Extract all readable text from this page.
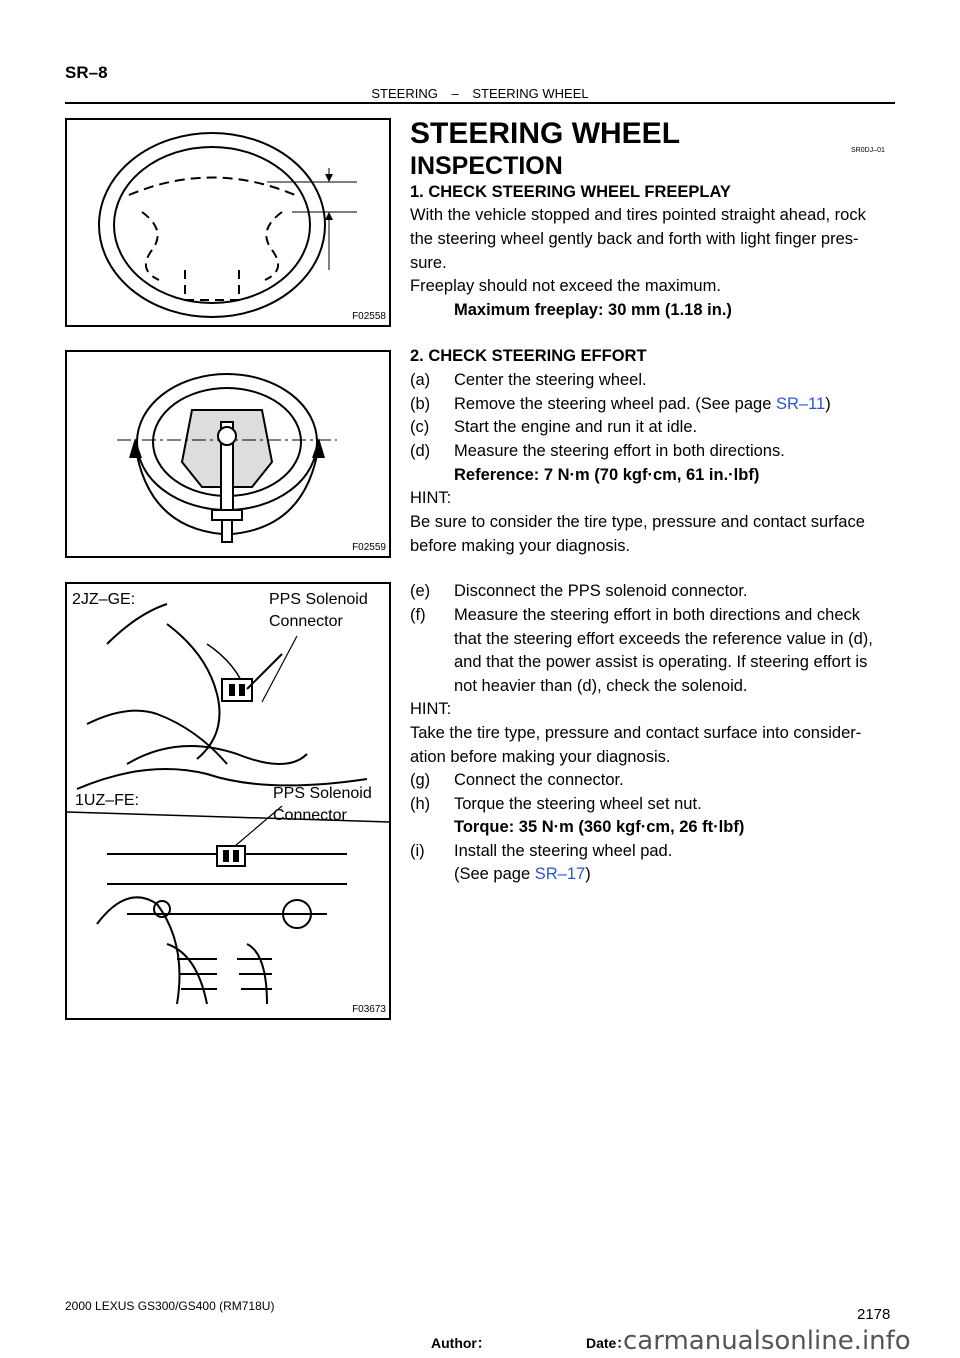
SR–8
STEERING – STEERING WHEEL
F02558
F02559
2JZ–GE:	PPS Solenoid
Connector
1UZ–FE:	PPS Solenoid
Connector
F03673
STEERING WHEEL
SR0DJ–01
INSPECTION
1. CHECK STEERING WHEEL FREEPLAY
With the vehicle stopped and tires pointed straight ahead, rock
the steering wheel gently back and forth with light finger pres-
sure.
Freeplay should not exceed the maximum.
Maximum freeplay: 30 mm (1.18 in.)
2. CHECK STEERING EFFORT
(a) Center the steering wheel.
(b) Remove the steering wheel pad. (See page SR–11)
(c) Start the engine and run it at idle.
(d) Measure the steering effort in both directions.
Reference: 7 N·m (70 kgf·cm, 61 in.·lbf)
HINT:
Be sure to consider the tire type, pressure and contact surface
before making your diagnosis.
(e) Disconnect the PPS solenoid connector.
(f) Measure the steering effort in both directions and check
that the steering effort exceeds the reference value in (d),
and that the power assist is operating. If steering effort is
not heavier than (d), check the solenoid.
HINT:
Take the tire type, pressure and contact surface into consider-
ation before making your diagnosis.
(g) Connect the connector.
(h) Torque the steering wheel set nut.
Torque: 35 N·m (360 kgf·cm, 26 ft·lbf)
(i) Install the steering wheel pad.
(See page SR–17)
2000 LEXUS GS300/GS400 (RM718U)	2178
Author：	Date：
carmanualsonline.info
